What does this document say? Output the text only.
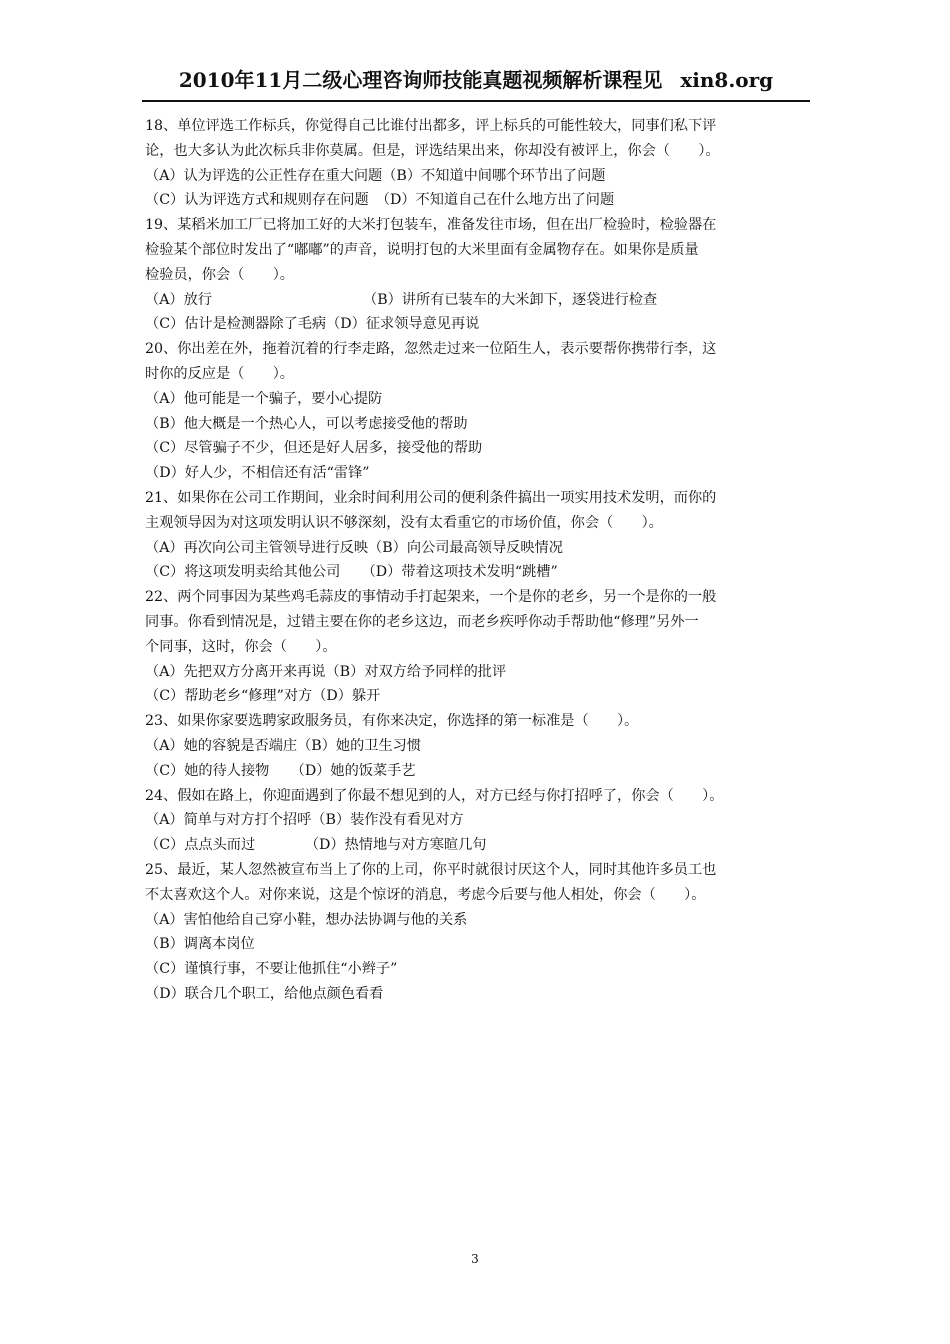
2010年11月二级心理咨询师技能真题视频解析课程见 xin8.org
18、单位评选工作标兵，你觉得自己比谁付出都多，评上标兵的可能性较大，同事们私下评
论，也大多认为此次标兵非你莫属。但是，评选结果出来，你却没有被评上，你会（　　）。
（A）认为评选的公正性存在重大问题（B）不知道中间哪个环节出了问题
（C）认为评选方式和规则存在问题　（D）不知道自己在什么地方出了问题
19、某稻米加工厂已将加工好的大米打包装车，准备发往市场，但在出厂检验时，检验器在
检验某个部位时发出了“嘟嘟”的声音，说明打包的大米里面有金属物存在。如果你是质量
检验员，你会（　　）。
（A）放行	（B）讲所有已装车的大米卸下，逐袋进行检查
（C）估计是检测器除了毛病（D）征求领导意见再说
20、你出差在外，拖着沉着的行李走路，忽然走过来一位陌生人，表示要帮你携带行李，这
时你的反应是（　　）。
（A）他可能是一个骗子，要小心提防
（B）他大概是一个热心人，可以考虑接受他的帮助
（C）尽管骗子不少，但还是好人居多，接受他的帮助
（D）好人少，不相信还有活“雷锋”
21、如果你在公司工作期间，业余时间利用公司的便利条件搞出一项实用技术发明，而你的
主观领导因为对这项发明认识不够深刻，没有太看重它的市场价值，你会（　　）。
（A）再次向公司主管领导进行反映（B）向公司最高领导反映情况
（C）将这项发明卖给其他公司　　（D）带着这项技术发明“跳槽”
22、两个同事因为某些鸡毛蒜皮的事情动手打起架来，一个是你的老乡，另一个是你的一般
同事。你看到情况是，过错主要在你的老乡这边，而老乡疾呼你动手帮助他“修理”另外一
个同事，这时，你会（　　）。
（A）先把双方分离开来再说（B）对双方给予同样的批评
（C）帮助老乡“修理”对方（D）躲开
23、如果你家要选聘家政服务员，有你来决定，你选择的第一标准是（　　）。
（A）她的容貌是否端庄（B）她的卫生习惯
（C）她的待人接物　　（D）她的饭菜手艺
24、假如在路上，你迎面遇到了你最不想见到的人，对方已经与你打招呼了，你会（　　）。
（A）简单与对方打个招呼（B）装作没有看见对方
（C）点点头而过　　　　（D）热情地与对方寒暄几句
25、最近，某人忽然被宣布当上了你的上司，你平时就很讨厌这个人，同时其他许多员工也
不太喜欢这个人。对你来说，这是个惊讶的消息，考虑今后要与他人相处，你会（　　）。
（A）害怕他给自己穿小鞋，想办法协调与他的关系
（B）调离本岗位
（C）谨慎行事，不要让他抓住“小辫子”
（D）联合几个职工，给他点颜色看看
3
